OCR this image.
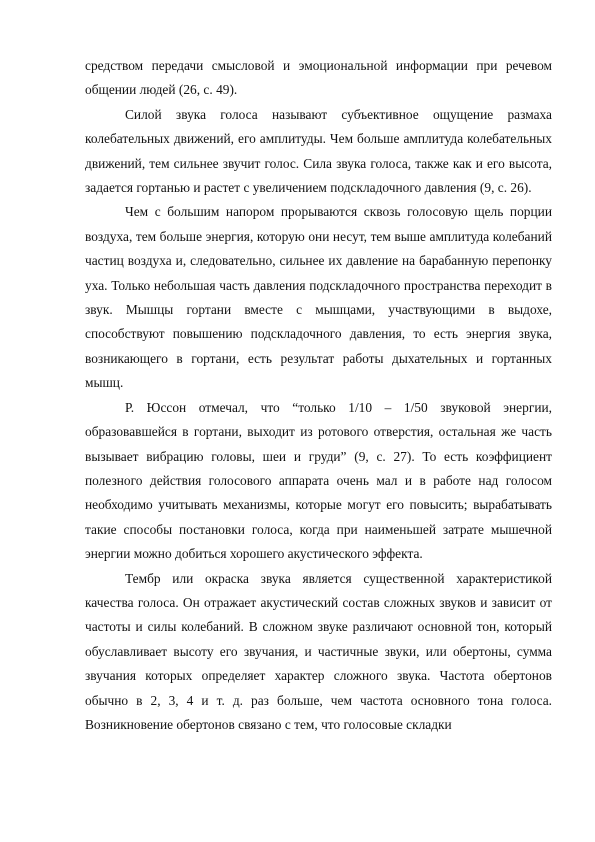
средством передачи смысловой и эмоциональной информации при речевом общении людей (26, с. 49).

Силой звука голоса называют субъективное ощущение размаха колебательных движений, его амплитуды. Чем больше амплитуда колебательных движений, тем сильнее звучит голос. Сила звука голоса, также как и его высота, задается гортанью и растет с увеличением подскладочного давления (9, с. 26).

Чем с большим напором прорываются сквозь голосовую щель порции воздуха, тем больше энергия, которую они несут, тем выше амплитуда колебаний частиц воздуха и, следовательно, сильнее их давление на барабанную перепонку уха. Только небольшая часть давления подскладочного пространства переходит в звук. Мышцы гортани вместе с мышцами, участвующими в выдохе, способствуют повышению подскладочного давления, то есть энергия звука, возникающего в гортани, есть результат работы дыхательных и гортанных мышц.

Р. Юссон отмечал, что “только 1/10 – 1/50 звуковой энергии, образовавшейся в гортани, выходит из ротового отверстия, остальная же часть вызывает вибрацию головы, шеи и груди” (9, с. 27). То есть коэффициент полезного действия голосового аппарата очень мал и в работе над голосом необходимо учитывать механизмы, которые могут его повысить; вырабатывать такие способы постановки голоса, когда при наименьшей затрате мышечной энергии можно добиться хорошего акустического эффекта.

Тембр или окраска звука является существенной характеристикой качества голоса. Он отражает акустический состав сложных звуков и зависит от частоты и силы колебаний. В сложном звуке различают основной тон, который обуславливает высоту его звучания, и частичные звуки, или обертоны, сумма звучания которых определяет характер сложного звука. Частота обертонов обычно в 2, 3, 4 и т. д. раз больше, чем частота основного тона голоса. Возникновение обертонов связано с тем, что голосовые складки
